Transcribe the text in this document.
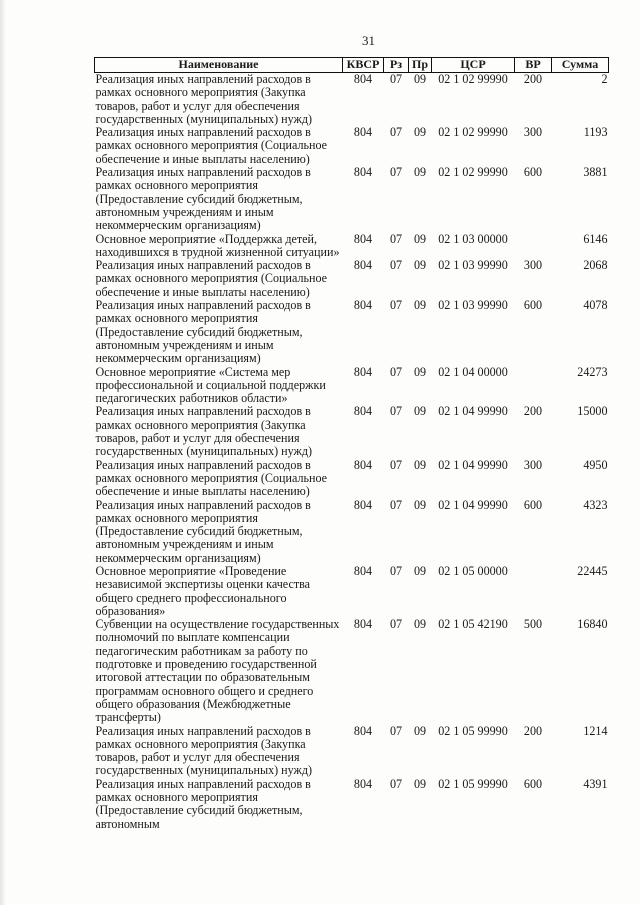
31
Наименование	КВСР	Рз	Пр	ЦСР	ВР	Сумма
Реализация иных направлений расходов в рамках основного мероприятия (Закупка товаров, работ и услуг для обеспечения государственных (муниципальных) нужд)	804	07	09	02 1 02 99990	200	2
Реализация иных направлений расходов в рамках основного мероприятия (Социальное обеспечение и иные выплаты населению)	804	07	09	02 1 02 99990	300	1193
Реализация иных направлений расходов в рамках основного мероприятия (Предоставление субсидий бюджетным, автономным учреждениям и иным некоммерческим организациям)	804	07	09	02 1 02 99990	600	3881
Основное мероприятие «Поддержка детей, находившихся в трудной жизненной ситуации»	804	07	09	02 1 03 00000		6146
Реализация иных направлений расходов в рамках основного мероприятия (Социальное обеспечение и иные выплаты населению)	804	07	09	02 1 03 99990	300	2068
Реализация иных направлений расходов в рамках основного мероприятия (Предоставление субсидий бюджетным, автономным учреждениям и иным некоммерческим организациям)	804	07	09	02 1 03 99990	600	4078
Основное мероприятие «Система мер профессиональной и социальной поддержки педагогических работников области»	804	07	09	02 1 04 00000		24273
Реализация иных направлений расходов в рамках основного мероприятия (Закупка товаров, работ и услуг для обеспечения государственных (муниципальных) нужд)	804	07	09	02 1 04 99990	200	15000
Реализация иных направлений расходов в рамках основного мероприятия (Социальное обеспечение и иные выплаты населению)	804	07	09	02 1 04 99990	300	4950
Реализация иных направлений расходов в рамках основного мероприятия (Предоставление субсидий бюджетным, автономным учреждениям и иным некоммерческим организациям)	804	07	09	02 1 04 99990	600	4323
Основное мероприятие «Проведение независимой экспертизы оценки качества общего среднего профессионального образования»	804	07	09	02 1 05 00000		22445
Субвенции на осуществление государственных полномочий по выплате компенсации педагогическим работникам за работу по подготовке и проведению государственной итоговой аттестации по образовательным программам основного общего и среднего общего образования (Межбюджетные трансферты)	804	07	09	02 1 05 42190	500	16840
Реализация иных направлений расходов в рамках основного мероприятия (Закупка товаров, работ и услуг для обеспечения государственных (муниципальных) нужд)	804	07	09	02 1 05 99990	200	1214
Реализация иных направлений расходов в рамках основного мероприятия (Предоставление субсидий бюджетным, автономным	804	07	09	02 1 05 99990	600	4391
